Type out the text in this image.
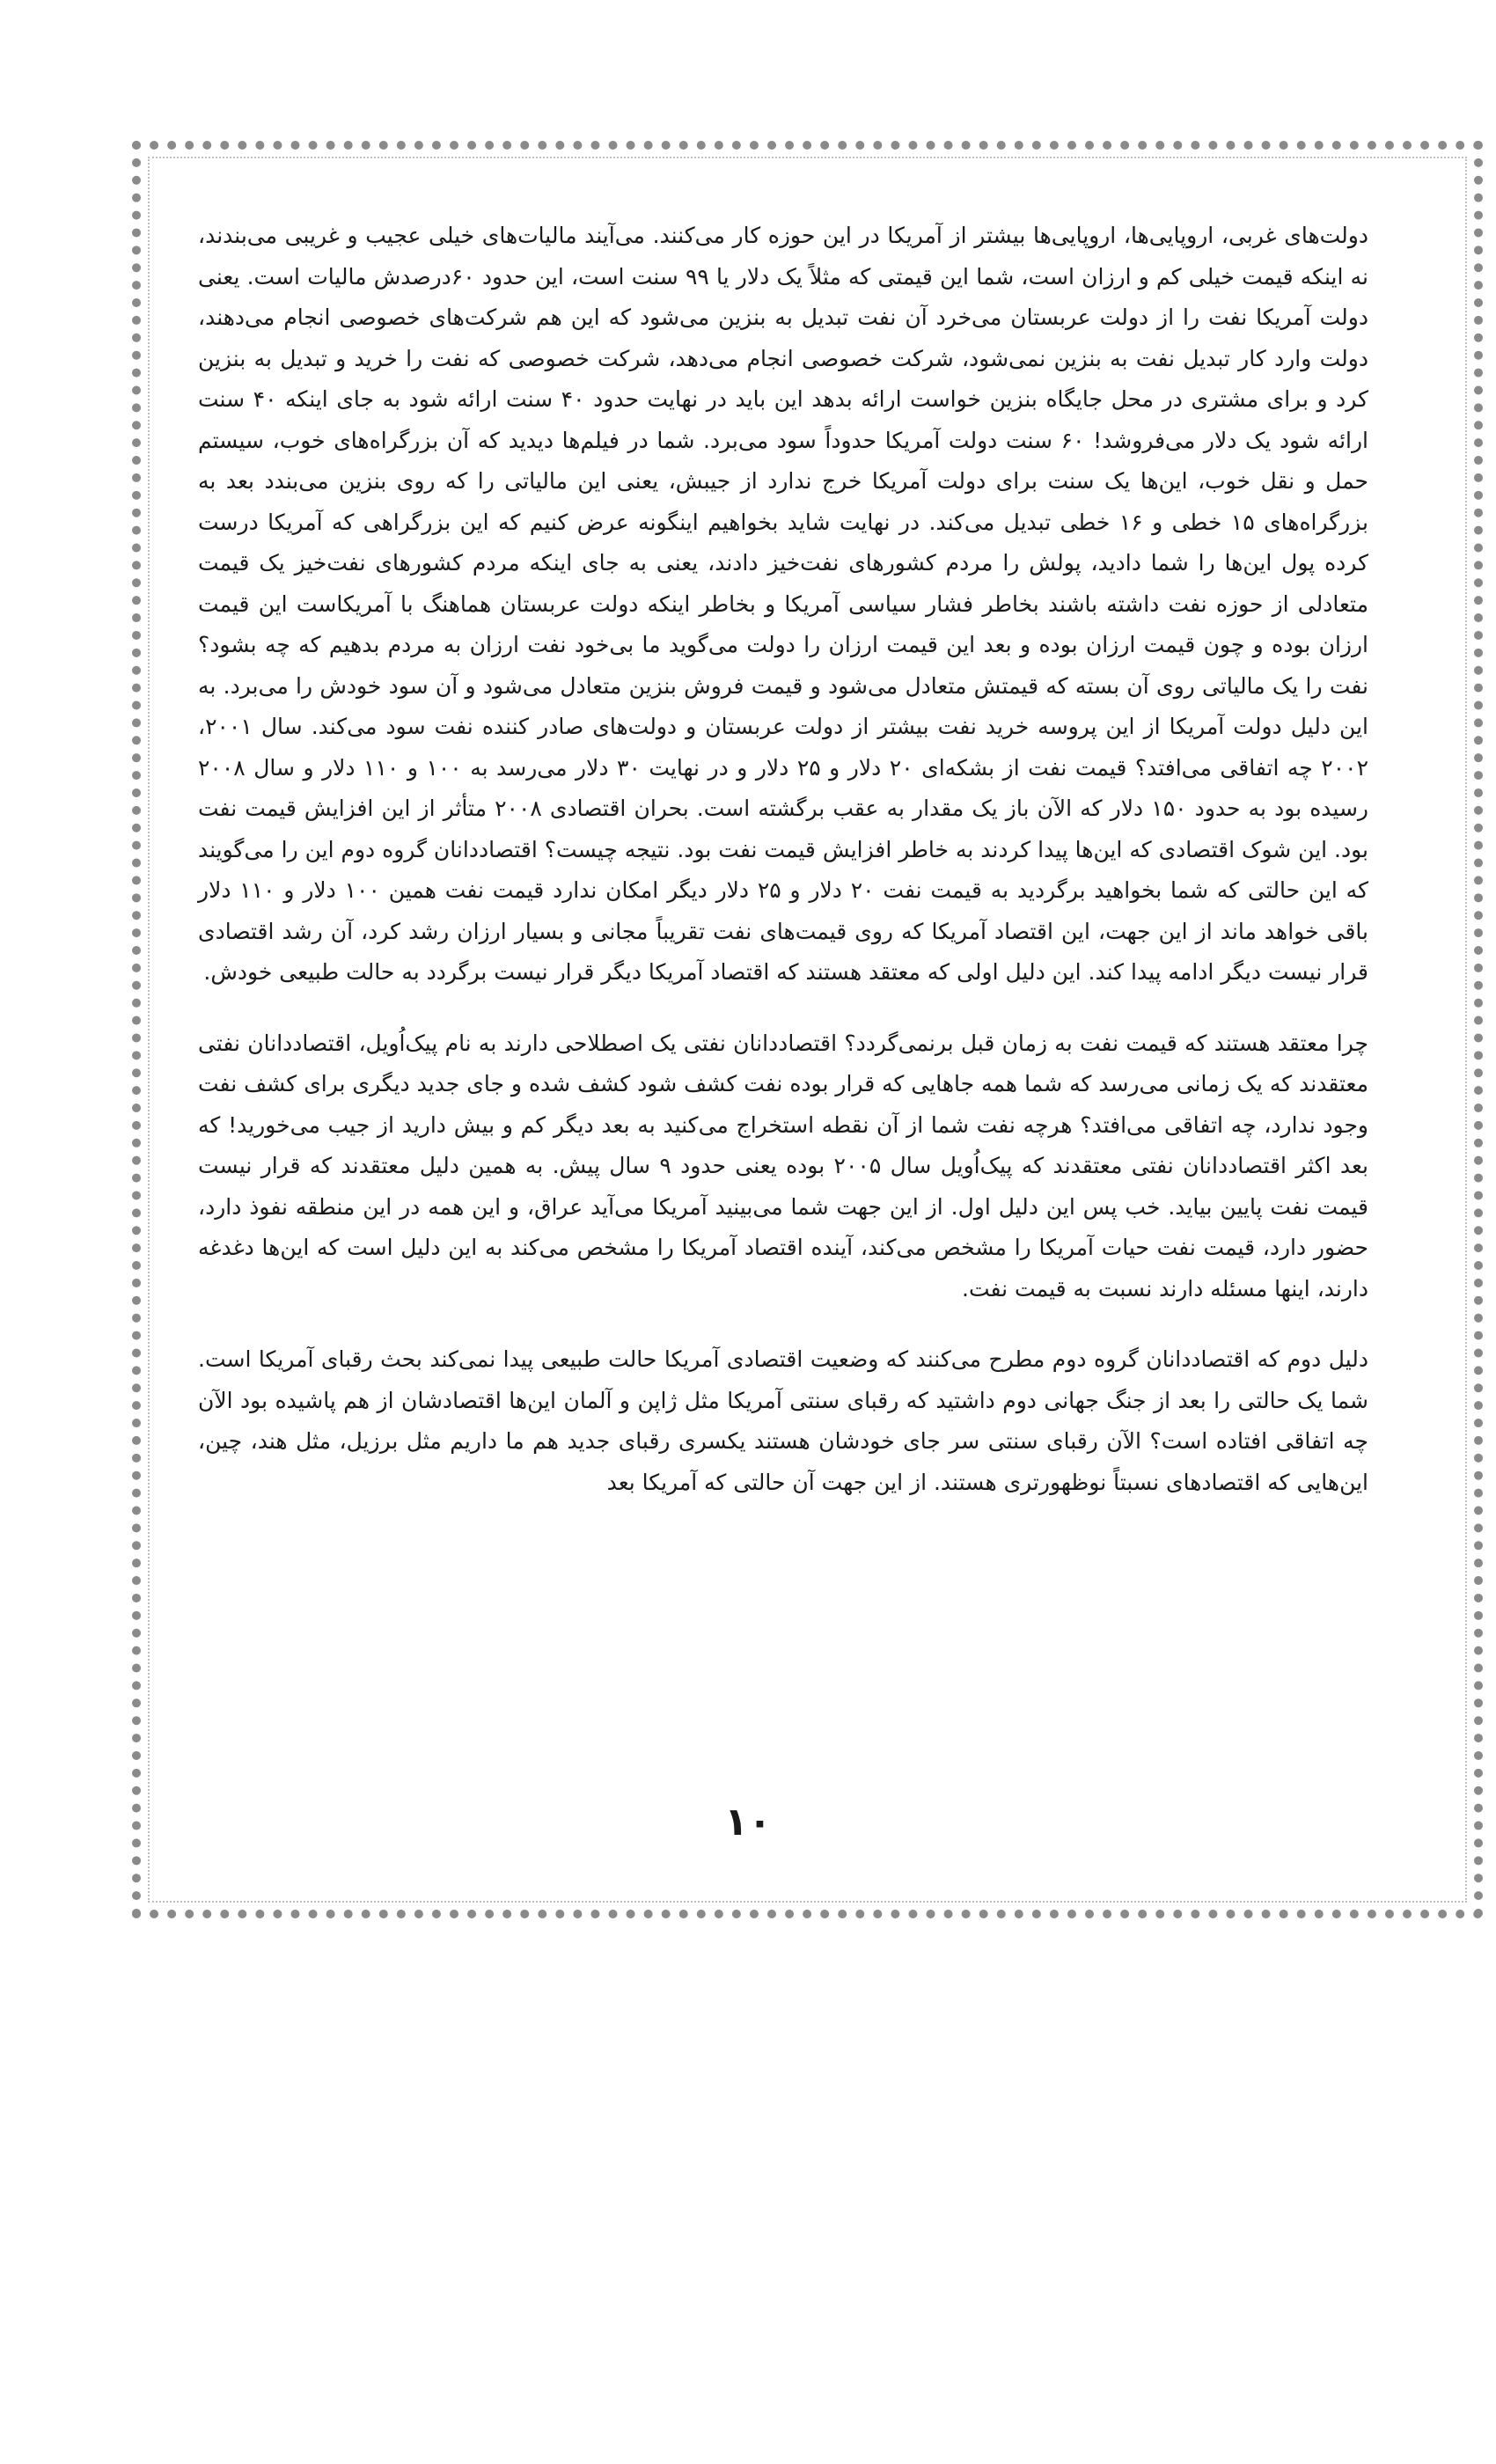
دولت‌های غربی، اروپایی‌ها، اروپایی‌ها بیشتر از آمریکا در این حوزه کار می‌کنند. می‌آیند مالیات‌های خیلی عجیب و غریبی می‌بندند، نه اینکه قیمت خیلی کم و ارزان است، شما این قیمتی که مثلاً یک دلار یا ۹۹ سنت است، این حدود ۶۰درصدش مالیات است. یعنی دولت آمریکا نفت را از دولت عربستان می‌خرد آن نفت تبدیل به بنزین می‌شود که این هم شرکت‌های خصوصی انجام می‌دهند، دولت وارد کار تبدیل نفت به بنزین نمی‌شود، شرکت خصوصی انجام می‌دهد، شرکت خصوصی که نفت را خرید و تبدیل به بنزین کرد و برای مشتری در محل جایگاه بنزین خواست ارائه بدهد این باید در نهایت حدود ۴۰ سنت ارائه شود به جای اینکه ۴۰ سنت ارائه شود یک دلار می‌فروشد! ۶۰ سنت دولت آمریکا حدوداً سود می‌برد. شما در فیلم‌ها دیدید که آن بزرگراه‌های خوب، سیستم حمل و نقل خوب، این‌ها یک سنت برای دولت آمریکا خرج ندارد از جیبش، یعنی این مالیاتی را که روی بنزین می‌بندد بعد به بزرگراه‌های ۱۵ خطی و ۱۶ خطی تبدیل می‌کند. در نهایت شاید بخواهیم اینگونه عرض کنیم که این بزرگراهی که آمریکا درست کرده پول این‌ها را شما دادید، پولش را مردم کشورهای نفت‌خیز دادند، یعنی به جای اینکه مردم کشورهای نفت‌خیز یک قیمت متعادلی از حوزه نفت داشته باشند بخاطر فشار سیاسی آمریکا و بخاطر اینکه دولت عربستان هماهنگ با آمریکاست این قیمت ارزان بوده و چون قیمت ارزان بوده و بعد این قیمت ارزان را دولت می‌گوید ما بی‌خود نفت ارزان به مردم بدهیم که چه بشود؟ نفت را یک مالیاتی روی آن بسته که قیمتش متعادل می‌شود و قیمت فروش بنزین متعادل می‌شود و آن سود خودش را می‌برد. به این دلیل دولت آمریکا از این پروسه خرید نفت بیشتر از دولت عربستان و دولت‌های صادر کننده نفت سود می‌کند. سال ۲۰۰۱، ۲۰۰۲ چه اتفاقی می‌افتد؟ قیمت نفت از بشکه‌ای ۲۰ دلار و ۲۵ دلار و در نهایت ۳۰ دلار می‌رسد به ۱۰۰ و ۱۱۰ دلار و سال ۲۰۰۸ رسیده بود به حدود ۱۵۰ دلار که الآن باز یک مقدار به عقب برگشته است. بحران اقتصادی ۲۰۰۸ متأثر از این افزایش قیمت نفت بود. این شوک اقتصادی که این‌ها پیدا کردند به خاطر افزایش قیمت نفت بود. نتیجه چیست؟ اقتصاددانان گروه دوم این را می‌گویند که این حالتی که شما بخواهید برگردید به قیمت نفت ۲۰ دلار و ۲۵ دلار دیگر امکان ندارد قیمت نفت همین ۱۰۰ دلار و ۱۱۰ دلار باقی خواهد ماند از این جهت، این اقتصاد آمریکا که روی قیمت‌های نفت تقریباً مجانی و بسیار ارزان رشد کرد، آن رشد اقتصادی قرار نیست دیگر ادامه پیدا کند. این دلیل اولی که معتقد هستند که اقتصاد آمریکا دیگر قرار نیست برگردد به حالت طبیعی خودش.

چرا معتقد هستند که قیمت نفت به زمان قبل برنمی‌گردد؟ اقتصاددانان نفتی یک اصطلاحی دارند به نام پیک‌اُویل، اقتصاددانان نفتی معتقدند که یک زمانی می‌رسد که شما همه جاهایی که قرار بوده نفت کشف شود کشف شده و جای جدید دیگری برای کشف نفت وجود ندارد، چه اتفاقی می‌افتد؟ هرچه نفت شما از آن نقطه استخراج می‌کنید به بعد دیگر کم و بیش دارید از جیب می‌خورید! که بعد اکثر اقتصاددانان نفتی معتقدند که پیک‌اُویل سال ۲۰۰۵ بوده یعنی حدود ۹ سال پیش. به همین دلیل معتقدند که قرار نیست قیمت نفت پایین بیاید. خب پس این دلیل اول. از این جهت شما می‌بینید آمریکا می‌آید عراق، و این همه در این منطقه نفوذ دارد، حضور دارد، قیمت نفت حیات آمریکا را مشخص می‌کند، آینده اقتصاد آمریکا را مشخص می‌کند به این دلیل است که این‌ها دغدغه دارند، اینها مسئله دارند نسبت به قیمت نفت.

دلیل دوم که اقتصاددانان گروه دوم مطرح می‌کنند که وضعیت اقتصادی آمریکا حالت طبیعی پیدا نمی‌کند بحث رقبای آمریکا است. شما یک حالتی را بعد از جنگ جهانی دوم داشتید که رقبای سنتی آمریکا مثل ژاپن و آلمان این‌ها اقتصادشان از هم پاشیده بود الآن چه اتفاقی افتاده است؟ الآن رقبای سنتی سر جای خودشان هستند یکسری رقبای جدید هم ما داریم مثل برزیل، مثل هند، چین، این‌هایی که اقتصادهای نسبتاً نوظهورتری هستند. از این جهت آن حالتی که آمریکا بعد

۱۰
